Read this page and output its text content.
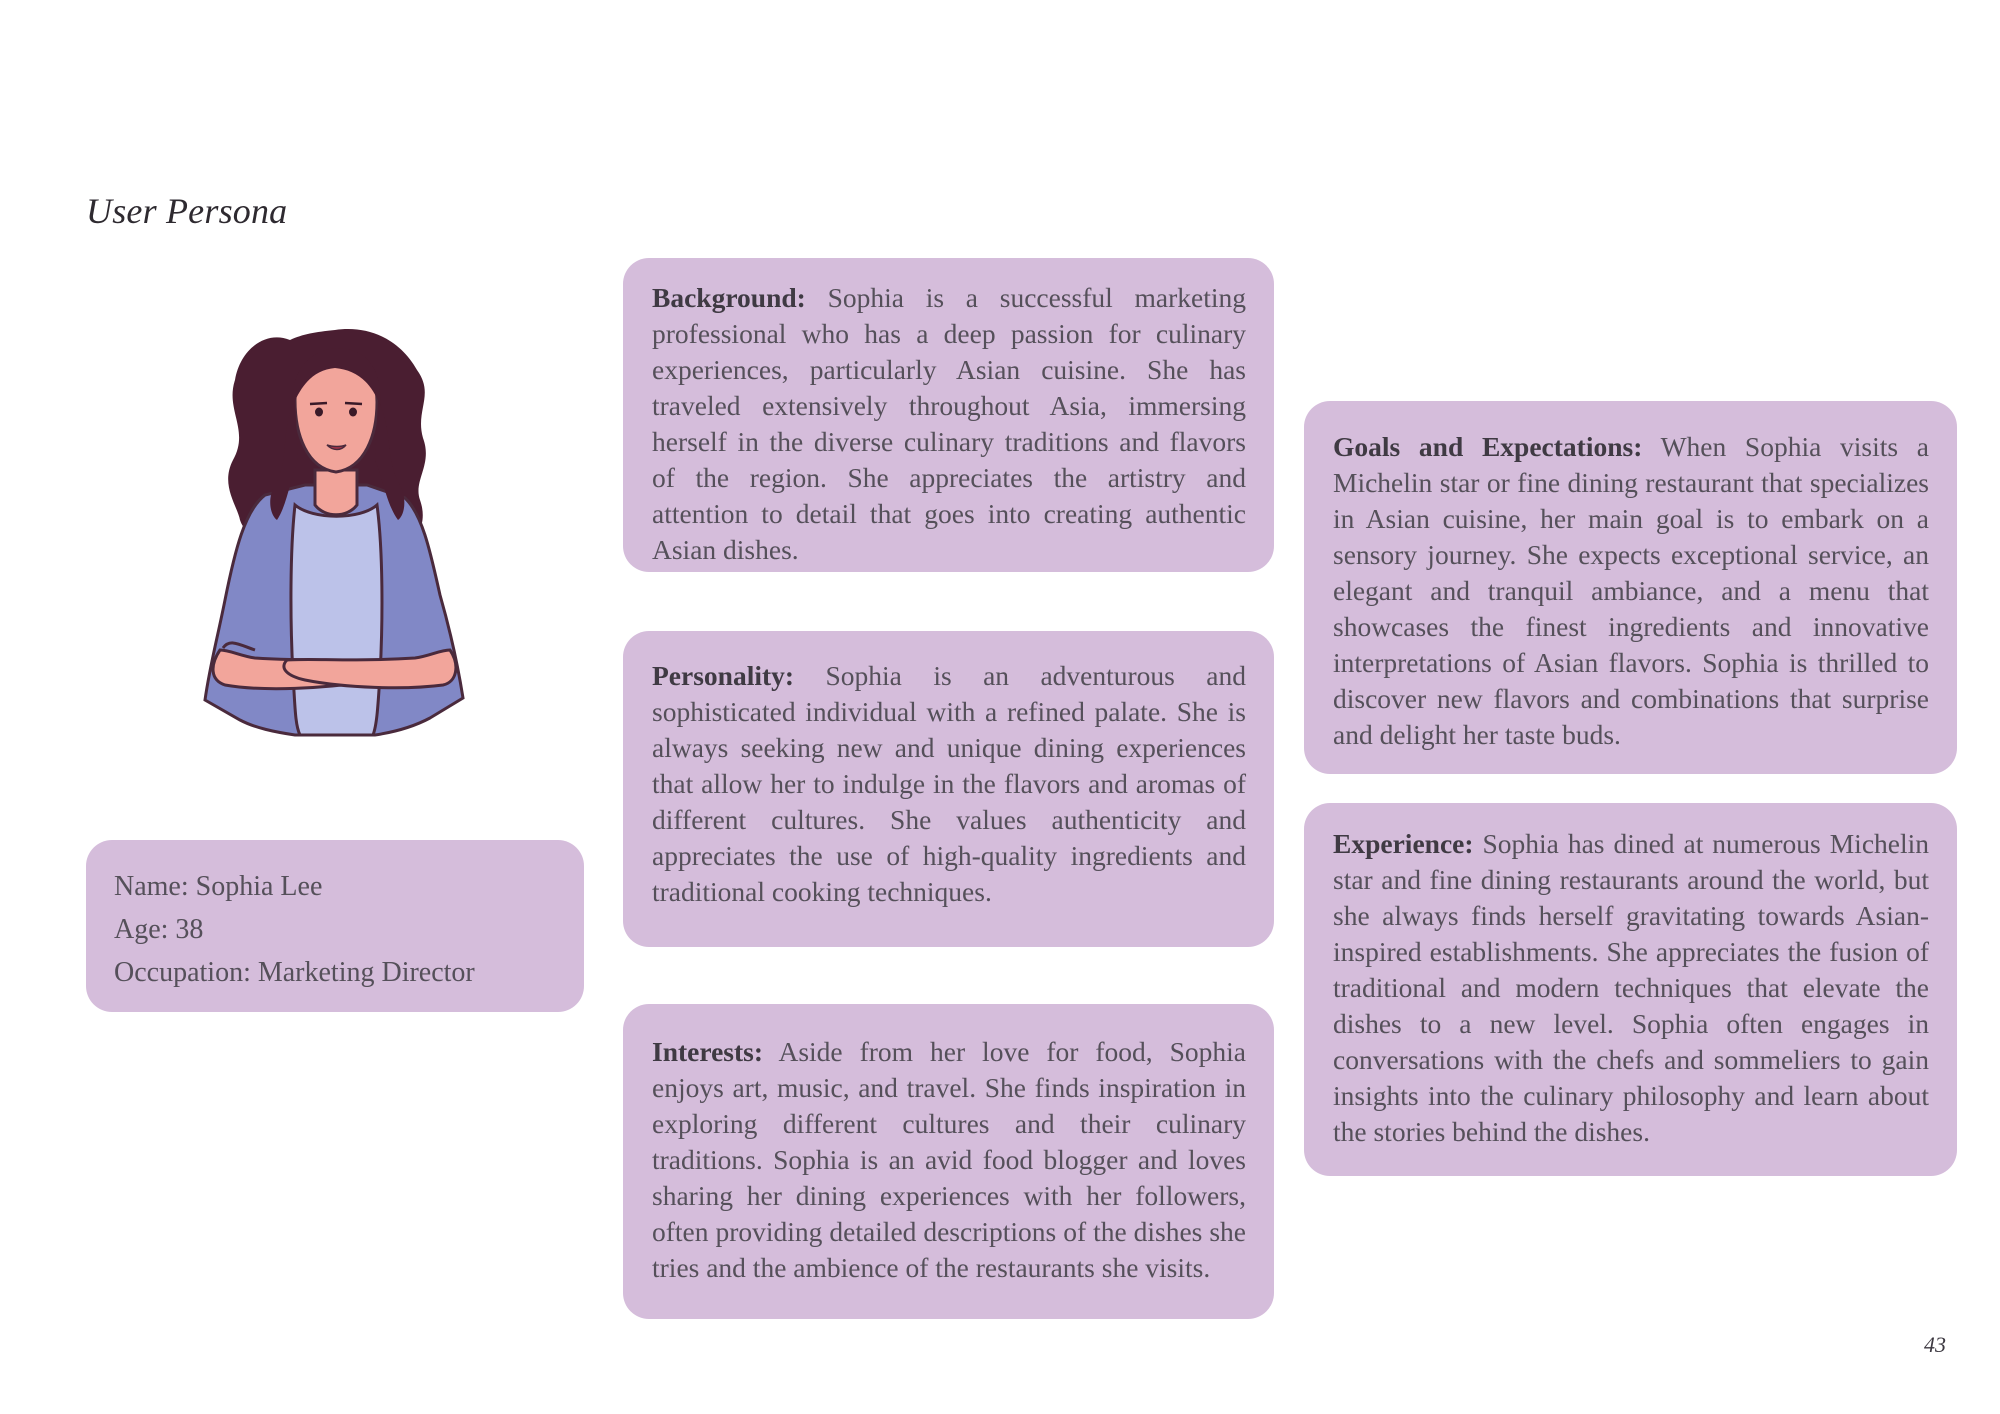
User Persona
Name: Sophia Lee
Age: 38
Occupation: Marketing Director

Background: Sophia is a successful marketing professional who has a deep passion for culinary experiences, particularly Asian cuisine. She has traveled extensively throughout Asia, immersing herself in the diverse culinary traditions and flavors of the region. She appreciates the artistry and attention to detail that goes into creating authentic Asian dishes.

Personality: Sophia is an adventurous and sophisticated individual with a refined palate. She is always seeking new and unique dining experiences that allow her to indulge in the flavors and aromas of different cultures. She values authenticity and appreciates the use of high-quality ingredients and traditional cooking techniques.

Interests: Aside from her love for food, Sophia enjoys art, music, and travel. She finds inspiration in exploring different cultures and their culinary traditions. Sophia is an avid food blogger and loves sharing her dining experiences with her followers, often providing detailed descriptions of the dishes she tries and the ambience of the restaurants she visits.

Goals and Expectations: When Sophia visits a Michelin star or fine dining restaurant that specializes in Asian cuisine, her main goal is to embark on a sensory journey. She expects exceptional service, an elegant and tranquil ambiance, and a menu that showcases the finest ingredients and innovative interpretations of Asian flavors. Sophia is thrilled to discover new flavors and combinations that surprise and delight her taste buds.

Experience: Sophia has dined at numerous Michelin star and fine dining restaurants around the world, but she always finds herself gravitating towards Asian-inspired establishments. She appreciates the fusion of traditional and modern techniques that elevate the dishes to a new level. Sophia often engages in conversations with the chefs and sommeliers to gain insights into the culinary philosophy and learn about the stories behind the dishes.

43
